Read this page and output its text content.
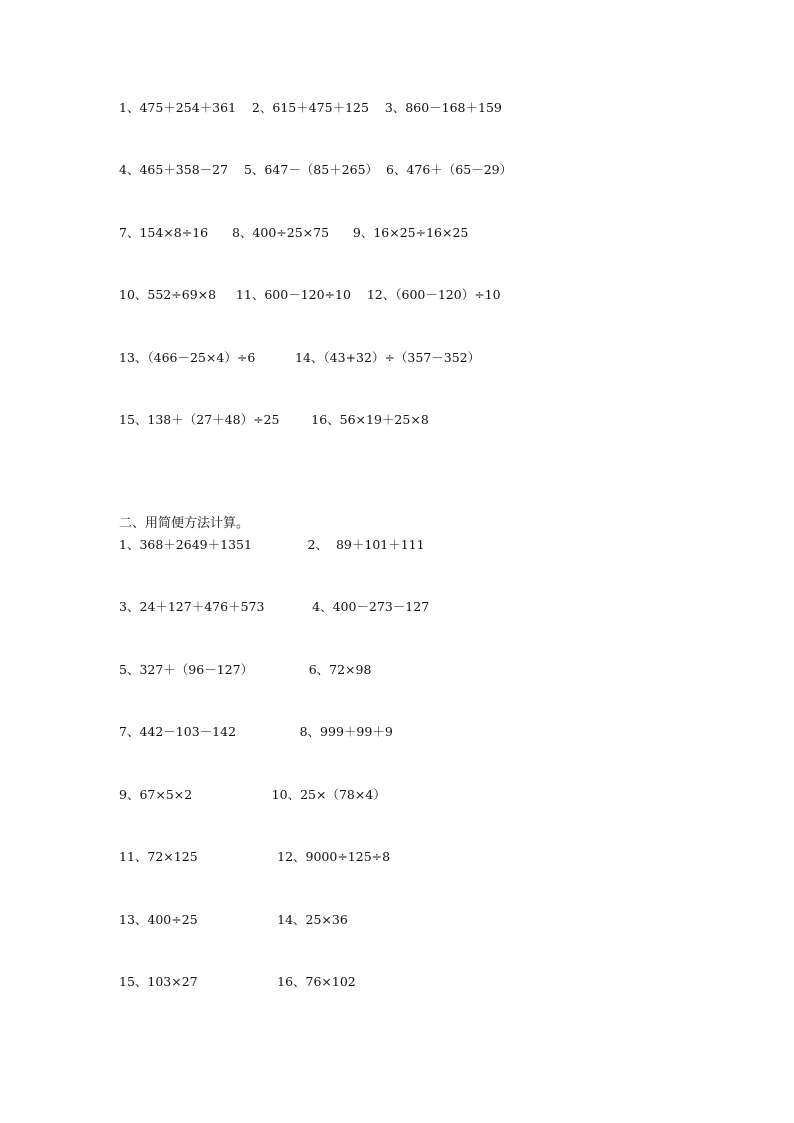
1、475＋254＋361    2、615＋475＋125    3、860－168＋159
4、465＋358－27    5、647－（85＋265）  6、476＋（65－29）
7、154×8÷16      8、400÷25×75      9、16×25÷16×25
10、552÷69×8     11、600－120÷10    12、（600－120）÷10
13、（466－25×4）÷6          14、（43+32）÷（357－352）
15、138＋（27＋48）÷25        16、56×19＋25×8
二、用简便方法计算。
1、368＋2649＋1351              2、  89＋101＋111
3、24＋127＋476＋573            4、400－273－127
5、327＋（96－127）              6、72×98
7、442－103－142                8、999＋99＋9
9、67×5×2                    10、25×（78×4）
11、72×125                    12、9000÷125÷8
13、400÷25                    14、25×36
15、103×27                    16、76×102
